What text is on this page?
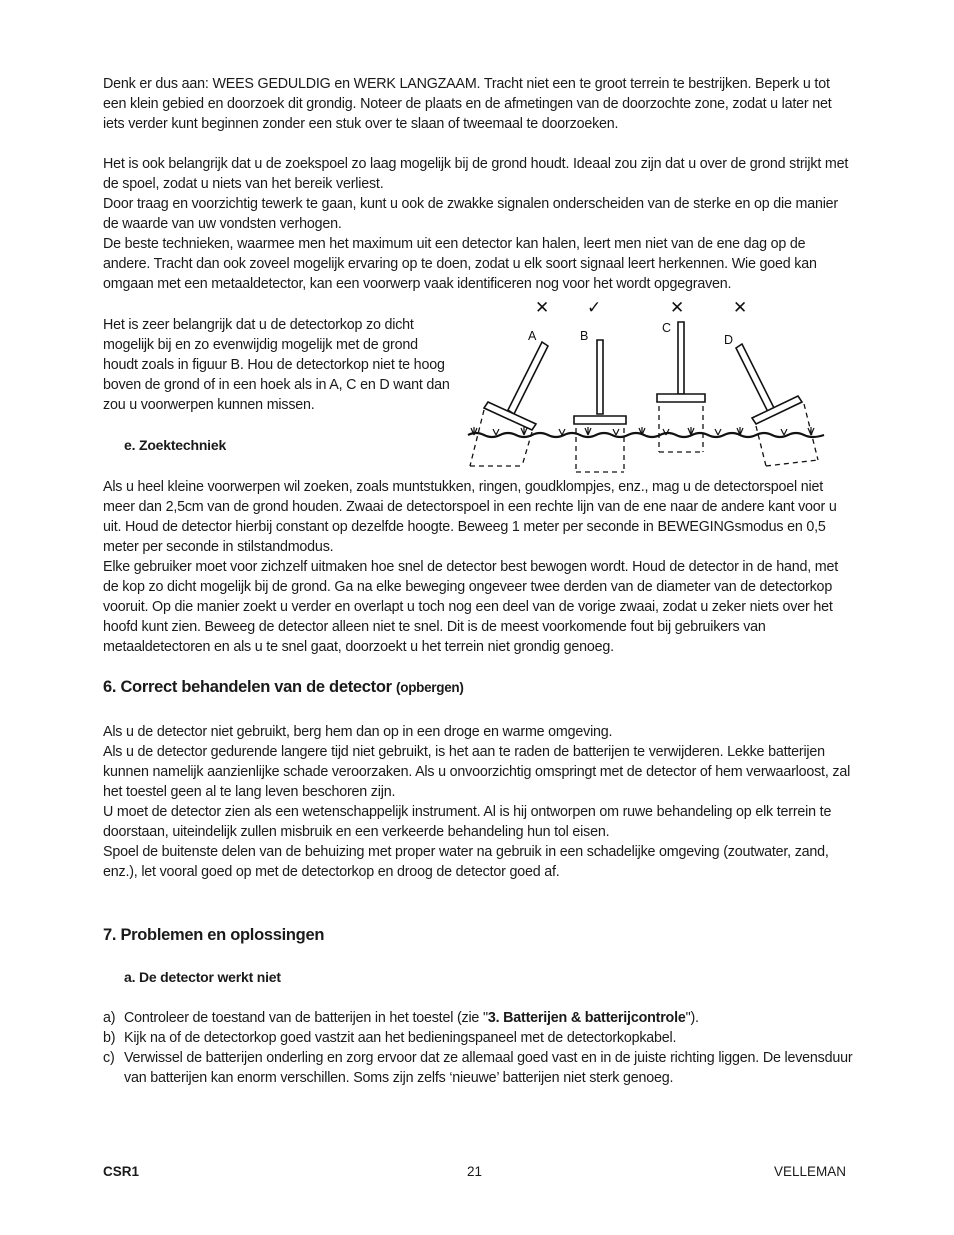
Denk er dus aan: WEES GEDULDIG en WERK LANGZAAM. Tracht niet een te groot terrein te bestrijken. Beperk u tot een klein gebied en doorzoek dit grondig. Noteer de plaats en de afmetingen van de doorzochte zone, zodat u later net iets verder kunt beginnen zonder een stuk over te slaan of tweemaal te doorzoeken.

Het is ook belangrijk dat u de zoekspoel zo laag mogelijk bij de grond houdt. Ideaal zou zijn dat u over de grond strijkt met de spoel, zodat u niets van het bereik verliest.

Door traag en voorzichtig tewerk te gaan, kunt u ook de zwakke signalen onderscheiden van de sterke en op die manier de waarde van uw vondsten verhogen.

De beste technieken, waarmee men het maximum uit een detector kan halen, leert men niet van de ene dag op de andere. Tracht dan ook zoveel mogelijk ervaring op te doen, zodat u elk soort signaal leert herkennen. Wie goed kan omgaan met een metaaldetector, kan een voorwerp vaak identificeren nog voor het wordt opgegraven.

Het is zeer belangrijk dat u de detectorkop zo dicht mogelijk bij en zo evenwijdig mogelijk met de grond houdt zoals in figuur B. Hou de detectorkop niet te hoog boven de grond of in een hoek als in A, C en D want dan zou u voorwerpen kunnen missen.

A	B
C
D
✕ ✓	✕	✕
e. Zoektechniek

Als u heel kleine voorwerpen wil zoeken, zoals muntstukken, ringen, goudklompjes, enz., mag u de detectorspoel niet meer dan 2,5cm van de grond houden. Zwaai de detectorspoel in een rechte lijn van de ene naar de andere kant voor u uit. Houd de detector hierbij constant op dezelfde hoogte. Beweeg 1 meter per seconde in BEWEGINGsmodus en 0,5 meter per seconde in stilstandmodus.

Elke gebruiker moet voor zichzelf uitmaken hoe snel de detector best bewogen wordt. Houd de detector in de hand, met de kop zo dicht mogelijk bij de grond. Ga na elke beweging ongeveer twee derden van de diameter van de detectorkop vooruit. Op die manier zoekt u verder en overlapt u toch nog een deel van de vorige zwaai, zodat u zeker niets over het hoofd kunt zien. Beweeg de detector alleen niet te snel. Dit is de meest voorkomende fout bij gebruikers van metaaldetectoren en als u te snel gaat, doorzoekt u het terrein niet grondig genoeg.

6. Correct behandelen van de detector (opbergen)

Als u de detector niet gebruikt, berg hem dan op in een droge en warme omgeving.

Als u de detector gedurende langere tijd niet gebruikt, is het aan te raden de batterijen te verwijderen. Lekke batterijen kunnen namelijk aanzienlijke schade veroorzaken. Als u onvoorzichtig omspringt met de detector of hem verwaarloost, zal het toestel geen al te lang leven beschoren zijn.

U moet de detector zien als een wetenschappelijk instrument. Al is hij ontworpen om ruwe behandeling op elk terrein te doorstaan, uiteindelijk zullen misbruik en een verkeerde behandeling hun tol eisen.

Spoel de buitenste delen van de behuizing met proper water na gebruik in een schadelijke omgeving (zoutwater, zand, enz.), let vooral goed op met de detectorkop en droog de detector goed af.

7. Problemen en oplossingen
a. De detector werkt niet
a) Controleer de toestand van de batterijen in het toestel (zie "3. Batterijen & batterijcontrole").
b) Kijk na of de detectorkop goed vastzit aan het bedieningspaneel met de detectorkopkabel.
c) Verwissel de batterijen onderling en zorg ervoor dat ze allemaal goed vast en in de juiste richting liggen. De levensduur van batterijen kan enorm verschillen. Soms zijn zelfs ‘nieuwe’ batterijen niet sterk genoeg.
CSR1	21	VELLEMAN
